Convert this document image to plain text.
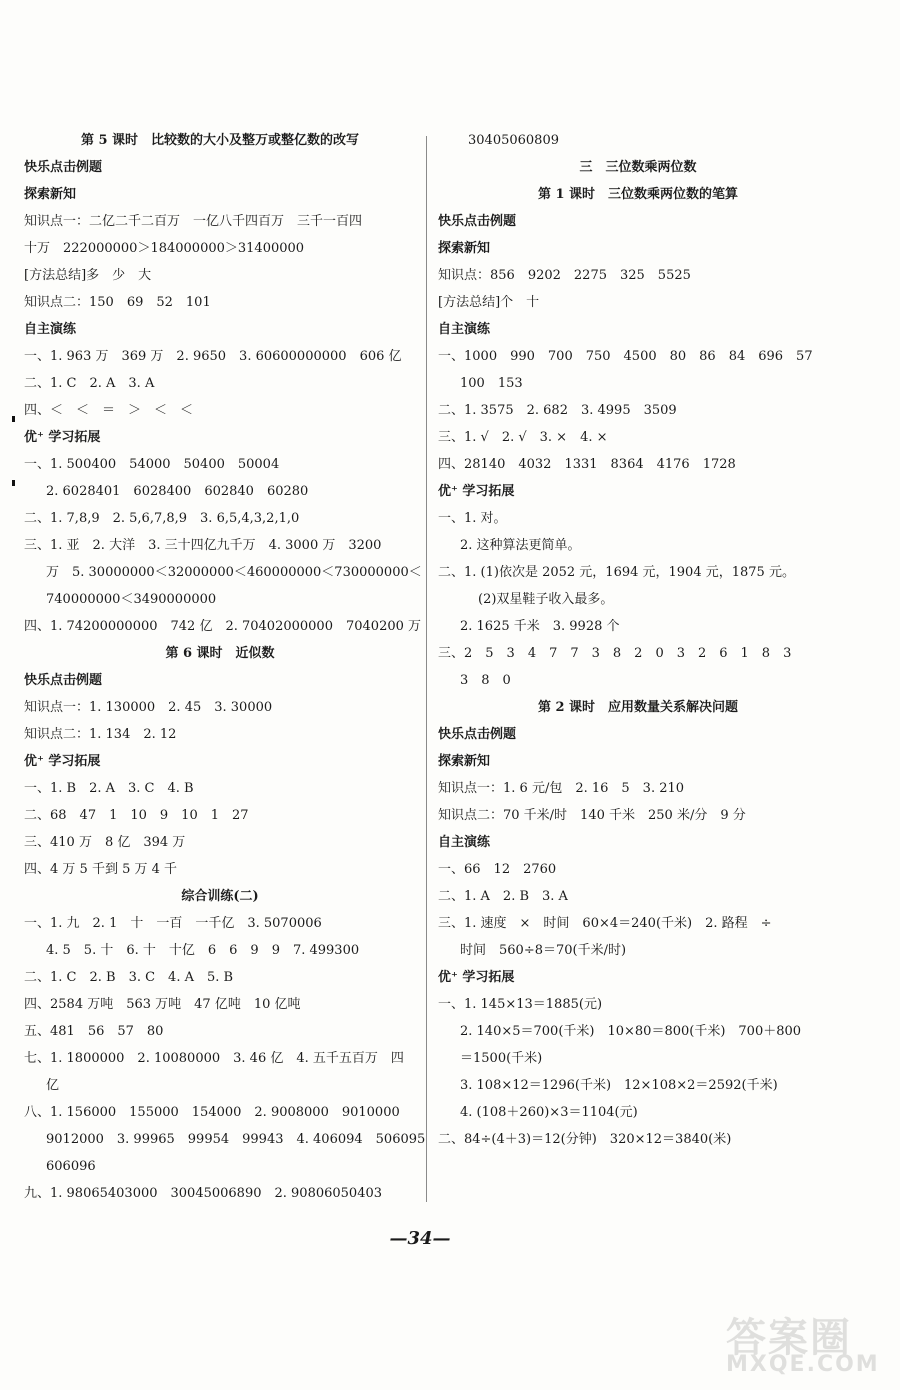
第 5 课时　比较数的大小及整万或整亿数的改写
快乐点击例题
探索新知
知识点一：二亿二千二百万　一亿八千四百万　三千一百四
十万　222000000＞184000000＞31400000
[方法总结]多　少　大
知识点二：150　69　52　101
自主演练
一、1. 963 万　369 万　2. 9650　3. 60600000000　606 亿
二、1. C　2. A　3. A
四、＜　＜　＝　＞　＜　＜
优⁺ 学习拓展
一、1. 500400　54000　50400　50004
2. 6028401　6028400　602840　60280
二、1. 7,8,9　2. 5,6,7,8,9　3. 6,5,4,3,2,1,0
三、1. 亚　2. 大洋　3. 三十四亿九千万　4. 3000 万　3200
万　5. 30000000＜32000000＜460000000＜730000000＜
740000000＜3490000000
四、1. 74200000000　742 亿　2. 70402000000　7040200 万
第 6 课时　近似数
快乐点击例题
知识点一：1. 130000　2. 45　3. 30000
知识点二：1. 134　2. 12
优⁺ 学习拓展
一、1. B　2. A　3. C　4. B
二、68　47　1　10　9　10　1　27
三、410 万　8 亿　394 万
四、4 万 5 千到 5 万 4 千
综合训练(二)
一、1. 九　2. 1　十　一百　一千亿　3. 5070006
4. 5　5. 十　6. 十　十亿　6　6　9　9　7. 499300
二、1. C　2. B　3. C　4. A　5. B
四、2584 万吨　563 万吨　47 亿吨　10 亿吨
五、481　56　57　80
七、1. 1800000　2. 10080000　3. 46 亿　4. 五千五百万　四
亿
八、1. 156000　155000　154000　2. 9008000　9010000
9012000　3. 99965　99954　99943　4. 406094　506095
606096
九、1. 98065403000　30045006890　2. 90806050403
30405060809
三　三位数乘两位数
第 1 课时　三位数乘两位数的笔算
快乐点击例题
探索新知
知识点：856　9202　2275　325　5525
[方法总结]个　十
自主演练
一、1000　990　700　750　4500　80　86　84　696　57
100　153
二、1. 3575　2. 682　3. 4995　3509
三、1. √　2. √　3. ×　4. ×
四、28140　4032　1331　8364　4176　1728
优⁺ 学习拓展
一、1. 对。
2. 这种算法更简单。
二、1. (1)依次是 2052 元，1694 元，1904 元，1875 元。
(2)双星鞋子收入最多。
2. 1625 千米　3. 9928 个
三、2　5　3　4　7　7　3　8　2　0　3　2　6　1　8　3
3　8　0
第 2 课时　应用数量关系解决问题
快乐点击例题
探索新知
知识点一：1. 6 元/包　2. 16　5　3. 210
知识点二：70 千米/时　140 千米　250 米/分　9 分
自主演练
一、66　12　2760
二、1. A　2. B　3. A
三、1. 速度　×　时间　60×4＝240(千米)　2. 路程　÷
时间　560÷8＝70(千米/时)
优⁺ 学习拓展
一、1. 145×13＝1885(元)
2. 140×5＝700(千米)　10×80＝800(千米)　700＋800
＝1500(千米)
3. 108×12＝1296(千米)　12×108×2＝2592(千米)
4. (108＋260)×3＝1104(元)
二、84÷(4＋3)＝12(分钟)　320×12＝3840(米)
—34—
答案圈
MXQE.COM
